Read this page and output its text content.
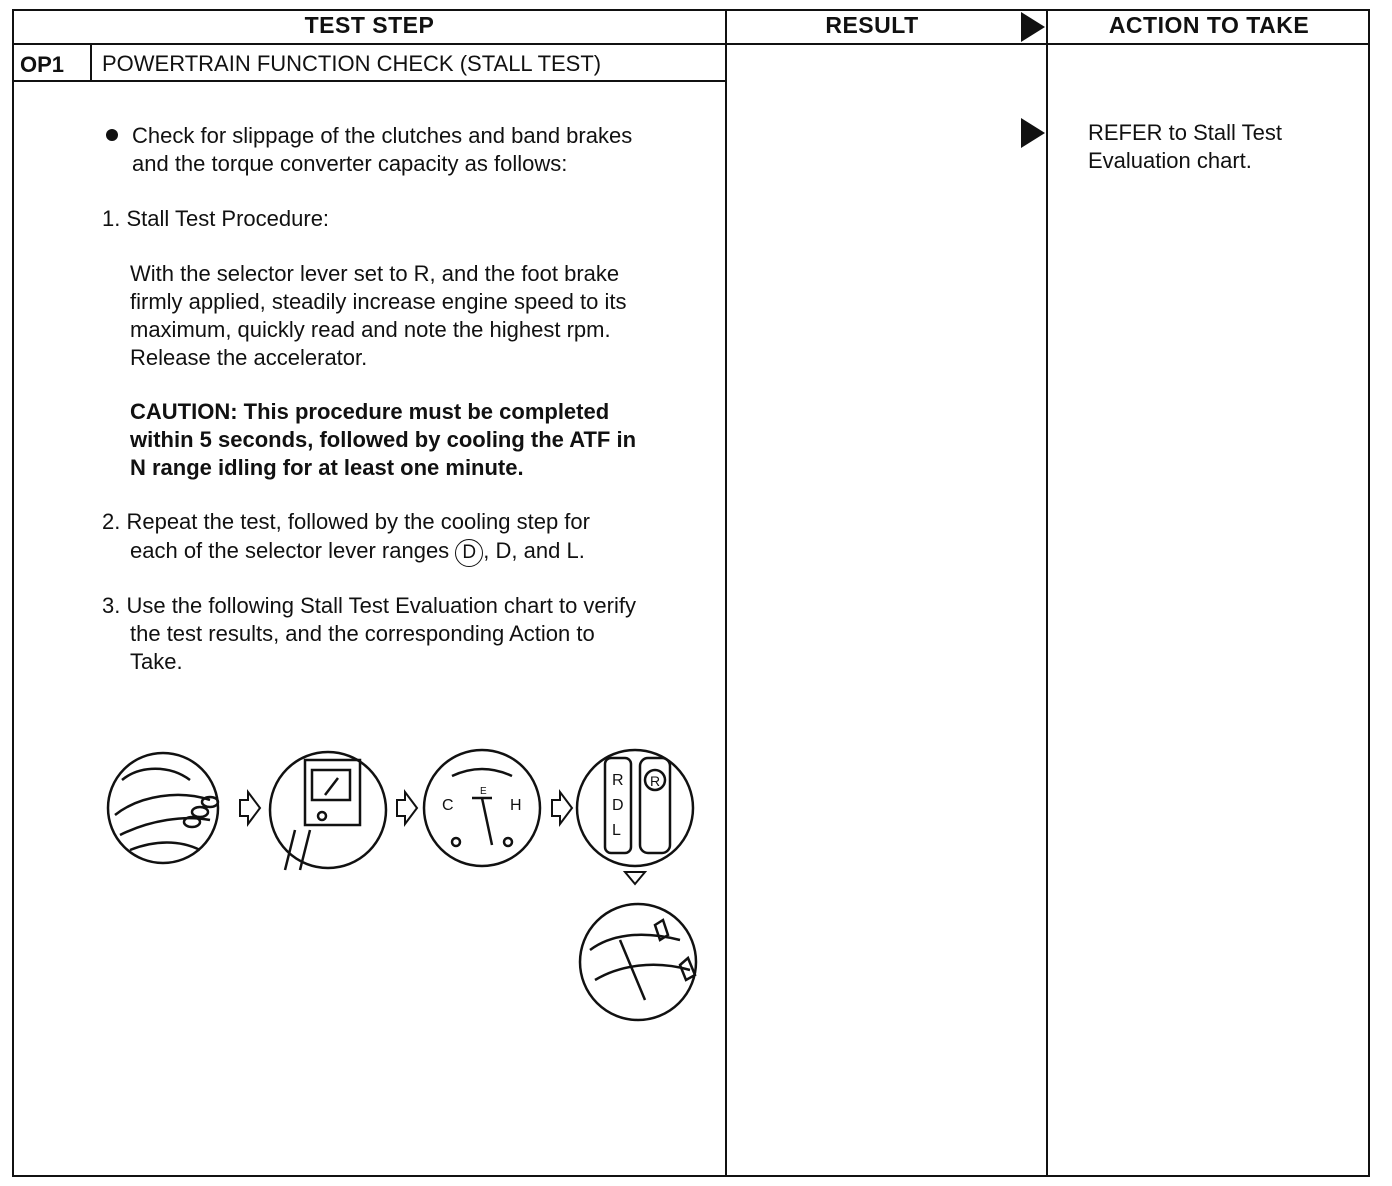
TEST STEP	RESULT	ACTION TO TAKE
OP1 POWERTRAIN FUNCTION CHECK (STALL TEST)
Check for slippage of the clutches and band brakes
and the torque converter capacity as follows:
1. Stall Test Procedure:
With the selector lever set to R, and the foot brake
firmly applied, steadily increase engine speed to its
maximum, quickly read and note the highest rpm.
Release the accelerator.
CAUTION: This procedure must be completed
within 5 seconds, followed by cooling the ATF in
N range idling for at least one minute.
2. Repeat the test, followed by the cooling step for
each of the selector lever ranges D , D, and L.
3. Use the following Stall Test Evaluation chart to verify
the test results, and the corresponding Action to
Take.
C	H
E
R
D
L
R
REFER to Stall Test
Evaluation chart.
